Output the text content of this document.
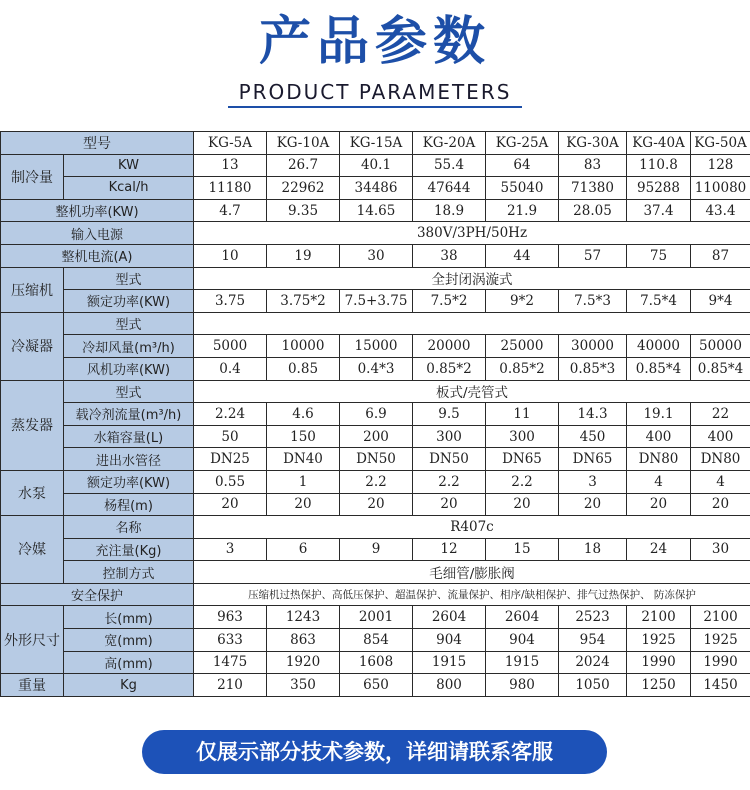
产品参数
PRODUCT PARAMETERS
型号		KG-5A	KG-10A	KG-15A	KG-20A	KG-25A	KG-30A	KG-40A	KG-50A
制冷量	KW	13	26.7	40.1	55.4	64	83	110.8	128
	Kcal/h	11180	22962	34486	47644	55040	71380	95288	110080
整机功率(KW)		4.7	9.35	14.65	18.9	21.9	28.05	37.4	43.4
输入电源		380V/3PH/50Hz							
整机电流(A)		10	19	30	38	44	57	75	87
压缩机	型式	全封闭涡漩式							
	额定功率(KW)	3.75	3.75*2	7.5+3.75	7.5*2	9*2	7.5*3	7.5*4	9*4
冷凝器	型式								
	冷却风量(m³/h)	5000	10000	15000	20000	25000	30000	40000	50000
	风机功率(KW)	0.4	0.85	0.4*3	0.85*2	0.85*2	0.85*3	0.85*4	0.85*4
蒸发器	型式	板式/壳管式							
	载冷剂流量(m³/h)	2.24	4.6	6.9	9.5	11	14.3	19.1	22
	水箱容量(L)	50	150	200	300	300	450	400	400
	进出水管径	DN25	DN40	DN50	DN50	DN65	DN65	DN80	DN80
水泵	额定功率(KW)	0.55	1	2.2	2.2	2.2	3	4	4
	杨程(m)	20	20	20	20	20	20	20	20
冷媒	名称	R407c							
	充注量(Kg)	3	6	9	12	15	18	24	30
	控制方式	毛细管/膨胀阀							
安全保护		压缩机过热保护、高低压保护、超温保护、流量保护、相序/缺相保护、排气过热保护、 防冻保护							
外形尺寸	长(mm)	963	1243	2001	2604	2604	2523	2100	2100
	宽(mm)	633	863	854	904	904	954	1925	1925
	高(mm)	1475	1920	1608	1915	1915	2024	1990	1990
重量	Kg	210	350	650	800	980	1050	1250	1450
仅展示部分技术参数，详细请联系客服
